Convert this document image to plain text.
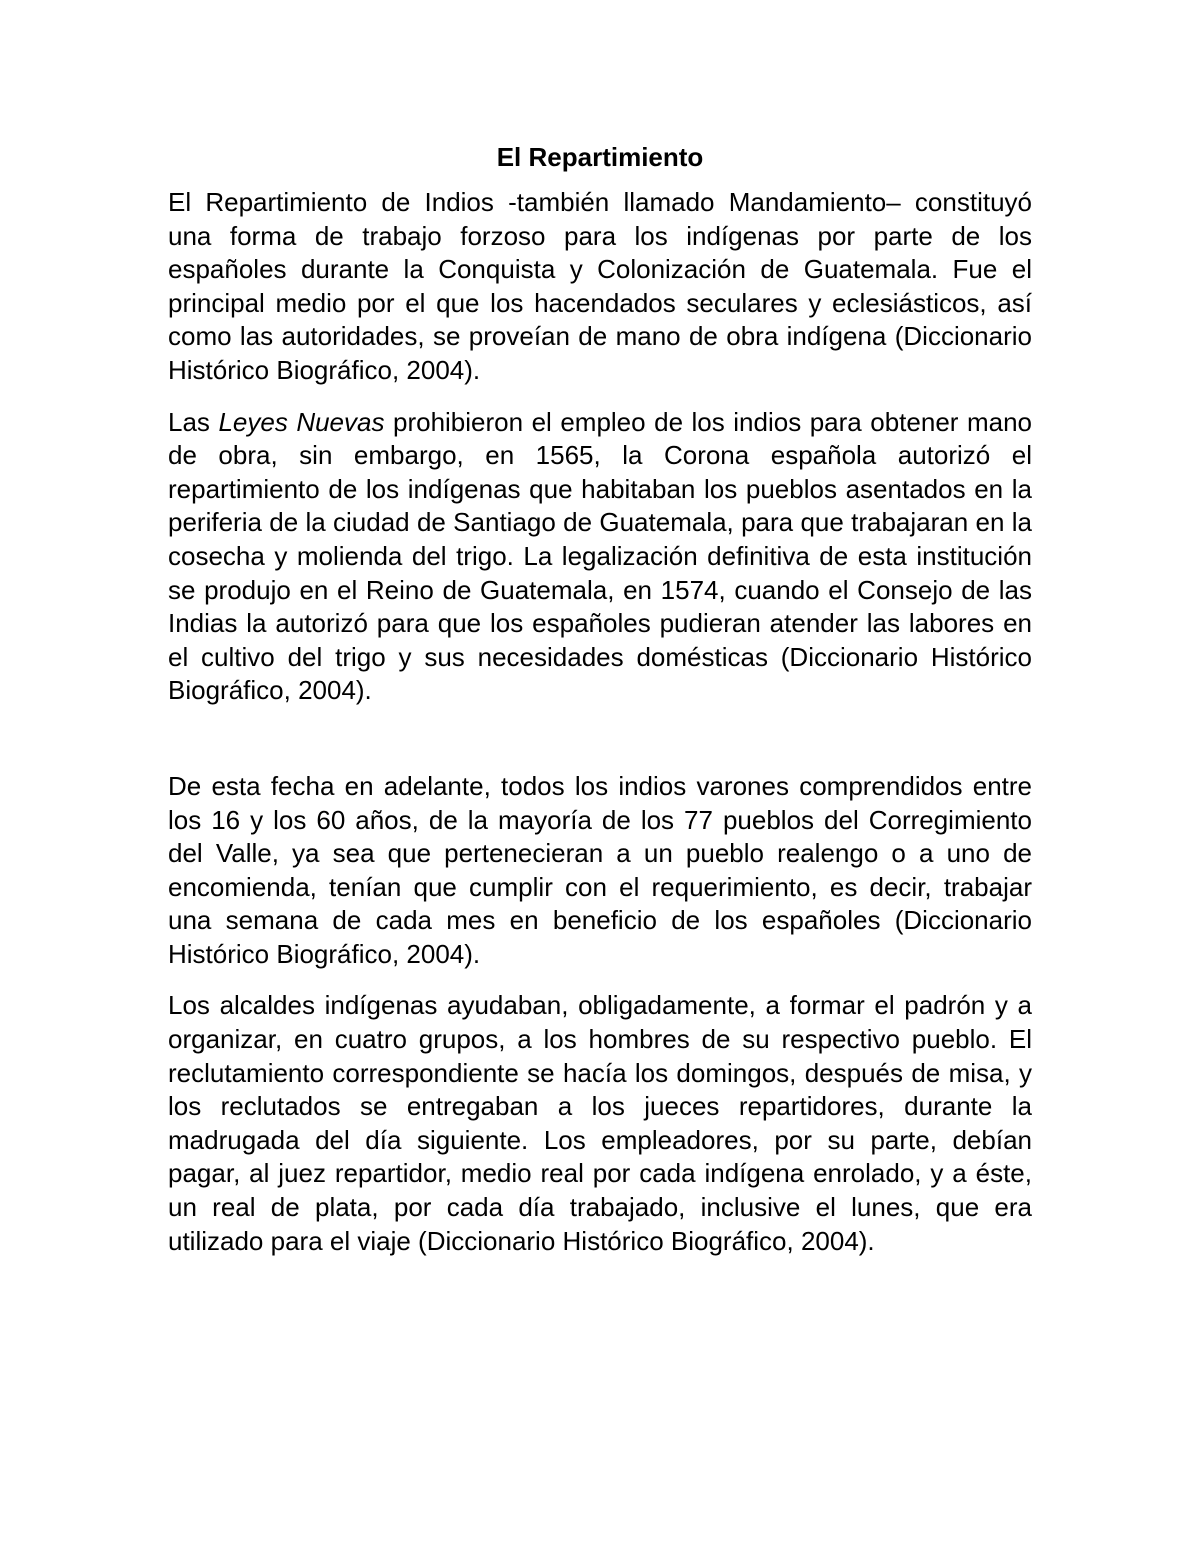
El Repartimiento

El Repartimiento de Indios -también llamado Mandamiento– constituyó una forma de trabajo forzoso para los indígenas por parte de los españoles durante la Conquista y Colonización de Guatemala. Fue el principal medio por el que los hacendados seculares y eclesiásticos, así como las autoridades, se proveían de mano de obra indígena (Diccionario Histórico Biográfico, 2004).

Las Leyes Nuevas prohibieron el empleo de los indios para obtener mano de obra, sin embargo, en 1565, la Corona española autorizó el repartimiento de los indígenas que habitaban los pueblos asentados en la periferia de la ciudad de Santiago de Guatemala, para que trabajaran en la cosecha y molienda del trigo. La legalización definitiva de esta institución se produjo en el Reino de Guatemala, en 1574, cuando el Consejo de las Indias la autorizó para que los españoles pudieran atender las labores en el cultivo del trigo y sus necesidades domésticas (Diccionario Histórico Biográfico, 2004).

De esta fecha en adelante, todos los indios varones comprendidos entre los 16 y los 60 años, de la mayoría de los 77 pueblos del Corregimiento del Valle, ya sea que pertenecieran a un pueblo realengo o a uno de encomienda, tenían que cumplir con el requerimiento, es decir, trabajar una semana de cada mes en beneficio de los españoles (Diccionario Histórico Biográfico, 2004).

Los alcaldes indígenas ayudaban, obligadamente, a formar el padrón y a organizar, en cuatro grupos, a los hombres de su respectivo pueblo. El reclutamiento correspondiente se hacía los domingos, después de misa, y los reclutados se entregaban a los jueces repartidores, durante la madrugada del día siguiente. Los empleadores, por su parte, debían pagar, al juez repartidor, medio real por cada indígena enrolado, y a éste, un real de plata, por cada día trabajado, inclusive el lunes, que era utilizado para el viaje (Diccionario Histórico Biográfico, 2004).
